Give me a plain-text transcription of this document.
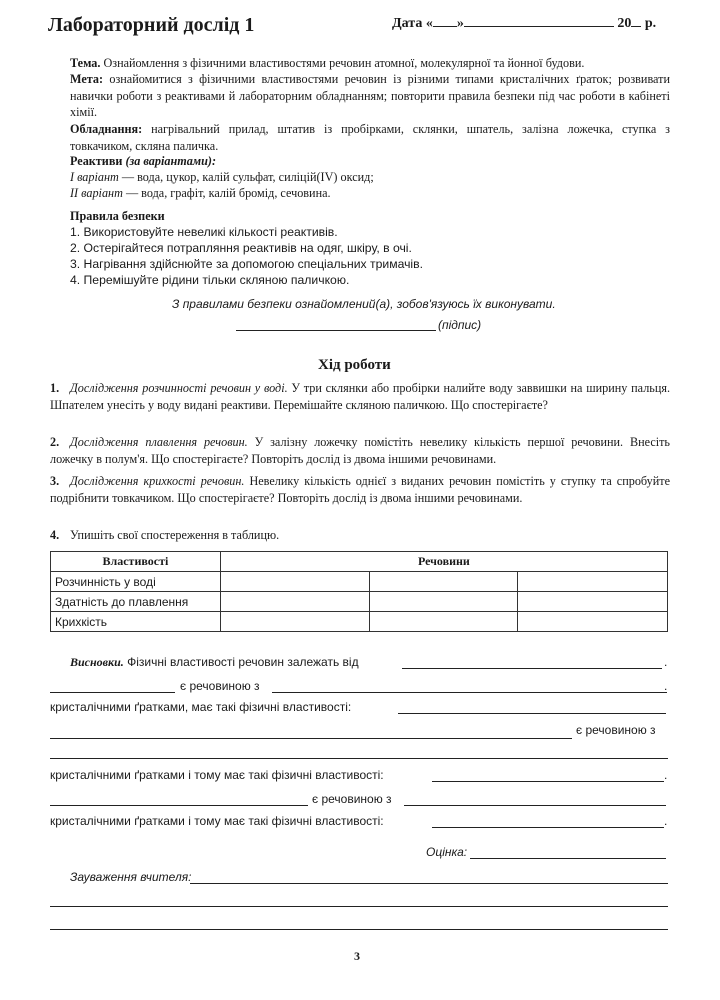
Лабораторний дослід 1	Дата « »	20 р.
Тема. Ознайомлення з фізичними властивостями речовин атомної, молекулярної та йонної будови.
Мета: ознайомитися з фізичними властивостями речовин із різними типами кристалічних ґраток; розвивати навички роботи з реактивами й лабораторним обладнанням; повторити правила безпеки під час роботи в кабінеті хімії.
Обладнання: нагрівальний прилад, штатив із пробірками, склянки, шпатель, залізна ложечка, ступка з товкачиком, скляна паличка.
Реактиви (за варіантами):
I варіант — вода, цукор, калій сульфат, силіцій(IV) оксид;
II варіант — вода, графіт, калій бромід, сечовина.
Правила безпеки
1. Використовуйте невеликі кількості реактивів.
2. Остерігайтеся потрапляння реактивів на одяг, шкіру, в очі.
3. Нагрівання здійснюйте за допомогою спеціальних тримачів.
4. Перемішуйте рідини тільки скляною паличкою.
З правилами безпеки ознайомлений(а), зобов'язуюсь їх виконувати.
(підпис)
Хід роботи
1. Дослідження розчинності речовин у воді. У три склянки або пробірки налийте воду заввишки на ширину пальця. Шпателем унесіть у воду видані реактиви. Перемішайте скляною паличкою. Що спостерігаєте?
2. Дослідження плавлення речовин. У залізну ложечку помістіть невелику кількість першої речовини. Внесіть ложечку в полум'я. Що спостерігаєте? Повторіть дослід із двома іншими речовинами.
3. Дослідження крихкості речовин. Невелику кількість однієї з виданих речовин помістіть у ступку та спробуйте подрібнити товкачиком. Що спостерігаєте? Повторіть дослід із двома іншими речовинами.
4. Упишіть свої спостереження в таблицю.
Властивості	Речовини		
Розчинність у воді			
Здатність до плавлення			
Крихкість			
Висновки. Фізичні властивості речовин залежать від	.
є речовиною з	.
кристалічними ґратками, має такі фізичні властивості:
є речовиною з
кристалічними ґратками і тому має такі фізичні властивості:	.
є речовиною з
кристалічними ґратками і тому має такі фізичні властивості:	.
Оцінка:
Зауваження вчителя:
3
